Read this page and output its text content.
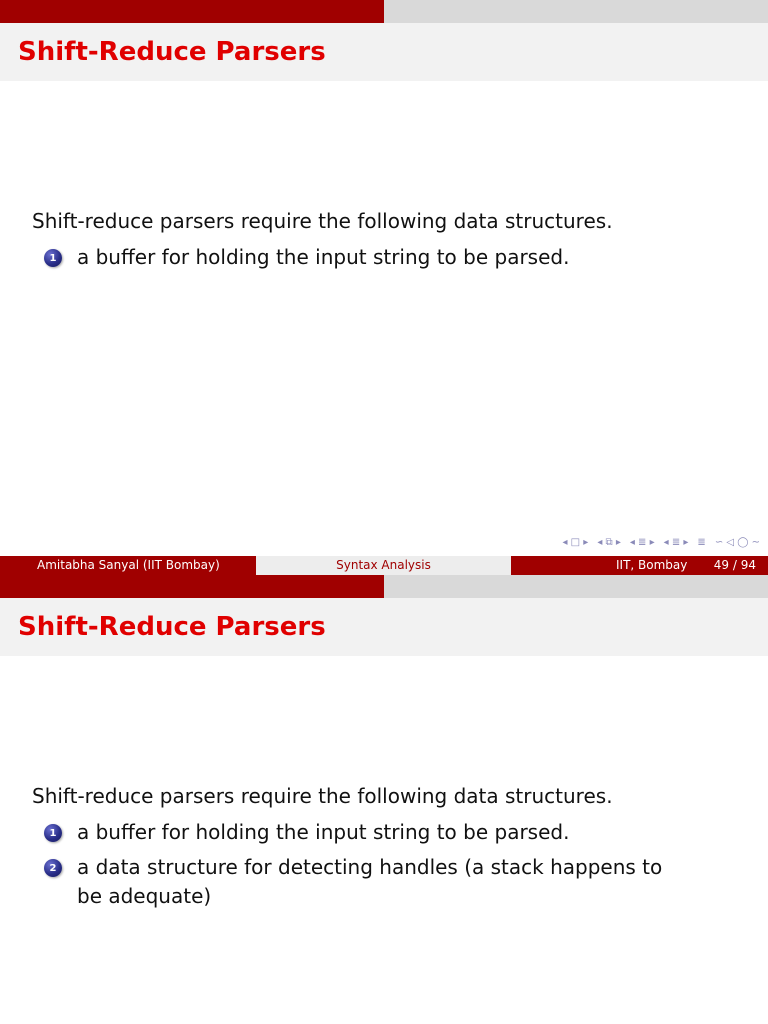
Shift-Reduce Parsers
Shift-reduce parsers require the following data structures.
1 a buffer for holding the input string to be parsed.
◂ □ ▸ ◂ ⧉ ▸ ◂ ≣ ▸ ◂ ≣ ▸ ≣ ∽ ◁ ◯ ∼
Amitabha Sanyal (IIT Bombay)	Syntax Analysis	IIT, Bombay 49 / 94
Shift-Reduce Parsers
Shift-reduce parsers require the following data structures.
1 a buffer for holding the input string to be parsed.
2 a data structure for detecting handles (a stack happens to be adequate)
